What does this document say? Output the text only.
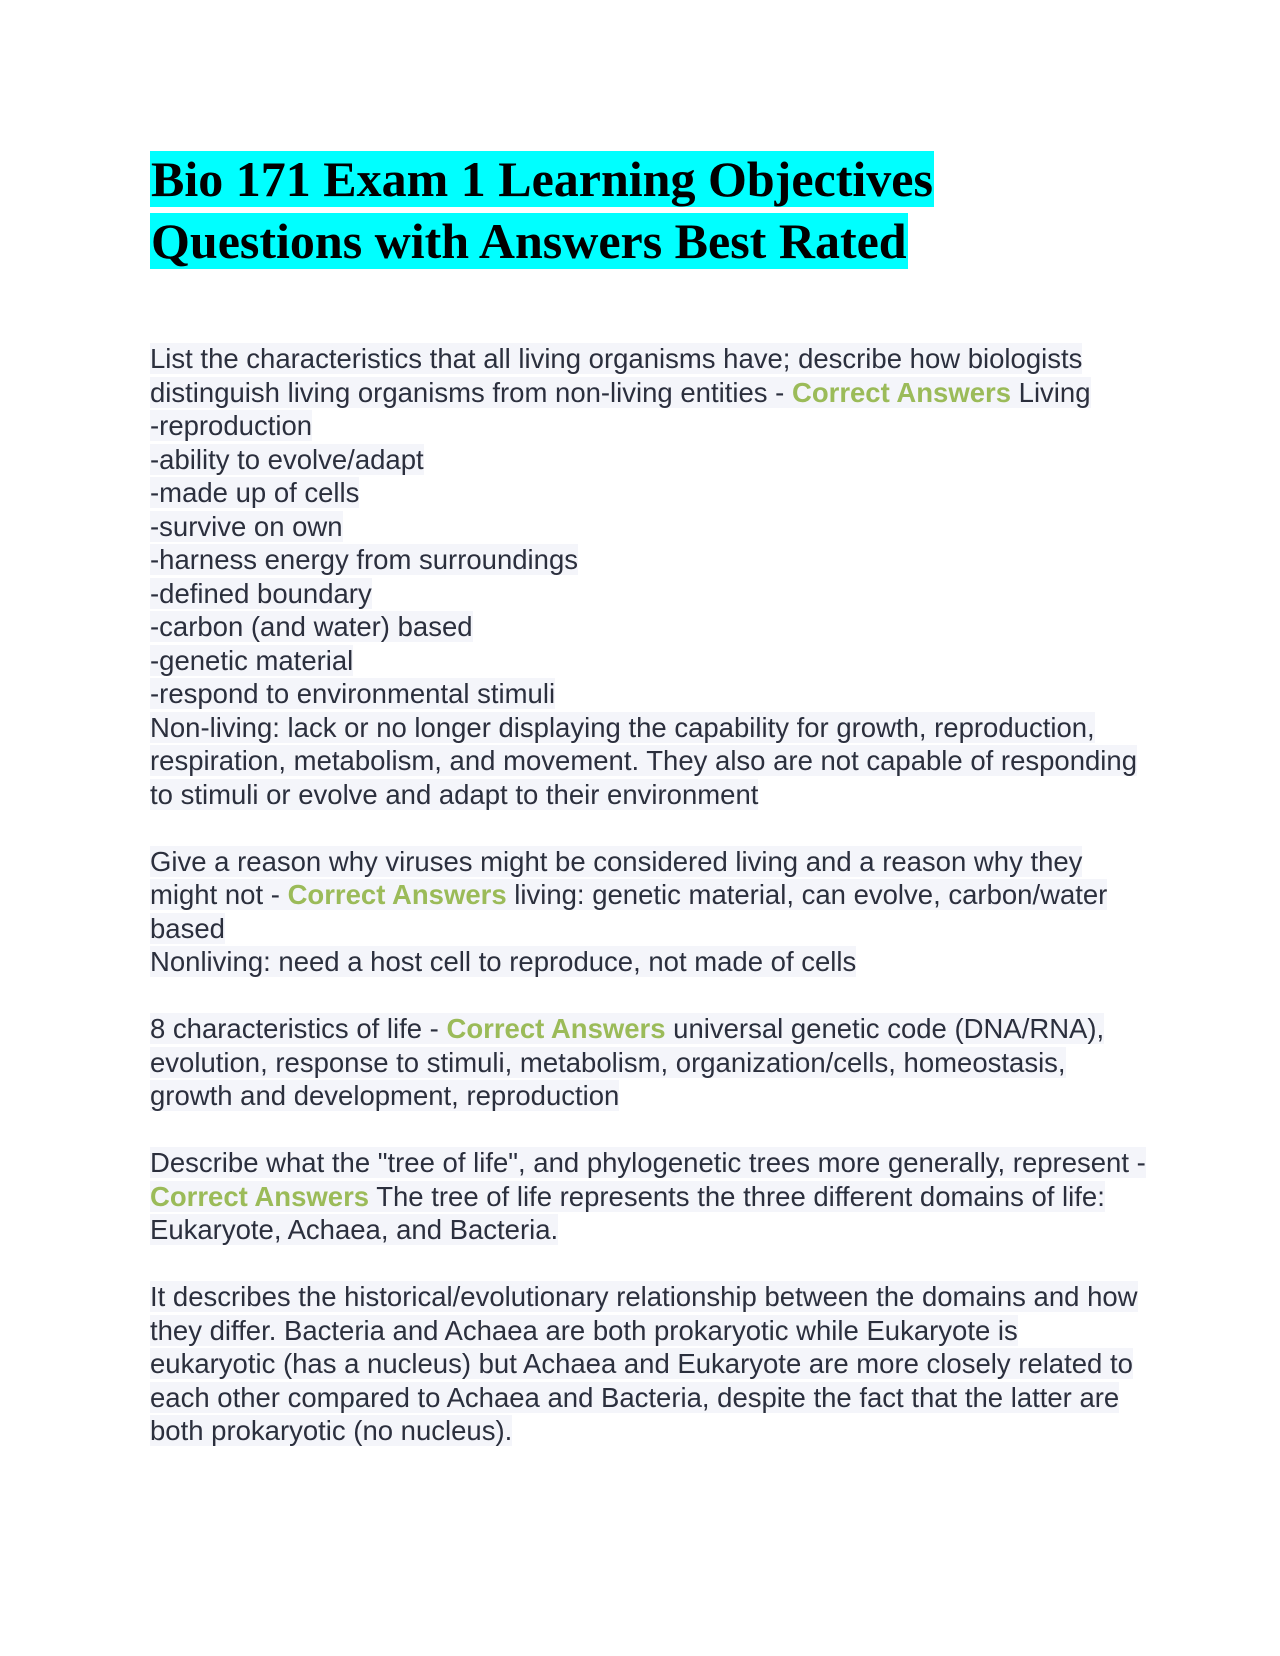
Bio 171 Exam 1 Learning Objectives
Questions with Answers Best Rated
List the characteristics that all living organisms have; describe how biologists distinguish living organisms from non-living entities - Correct Answers Living
-reproduction
-ability to evolve/adapt
-made up of cells
-survive on own
-harness energy from surroundings
-defined boundary
-carbon (and water) based
-genetic material
-respond to environmental stimuli
Non-living: lack or no longer displaying the capability for growth, reproduction, respiration, metabolism, and movement. They also are not capable of responding to stimuli or evolve and adapt to their environment
Give a reason why viruses might be considered living and a reason why they might not - Correct Answers living: genetic material, can evolve, carbon/water based
Nonliving: need a host cell to reproduce, not made of cells
8 characteristics of life - Correct Answers universal genetic code (DNA/RNA), evolution, response to stimuli, metabolism, organization/cells, homeostasis, growth and development, reproduction
Describe what the "tree of life", and phylogenetic trees more generally, represent - Correct Answers The tree of life represents the three different domains of life: Eukaryote, Achaea, and Bacteria.
It describes the historical/evolutionary relationship between the domains and how they differ. Bacteria and Achaea are both prokaryotic while Eukaryote is eukaryotic (has a nucleus) but Achaea and Eukaryote are more closely related to each other compared to Achaea and Bacteria, despite the fact that the latter are both prokaryotic (no nucleus).
